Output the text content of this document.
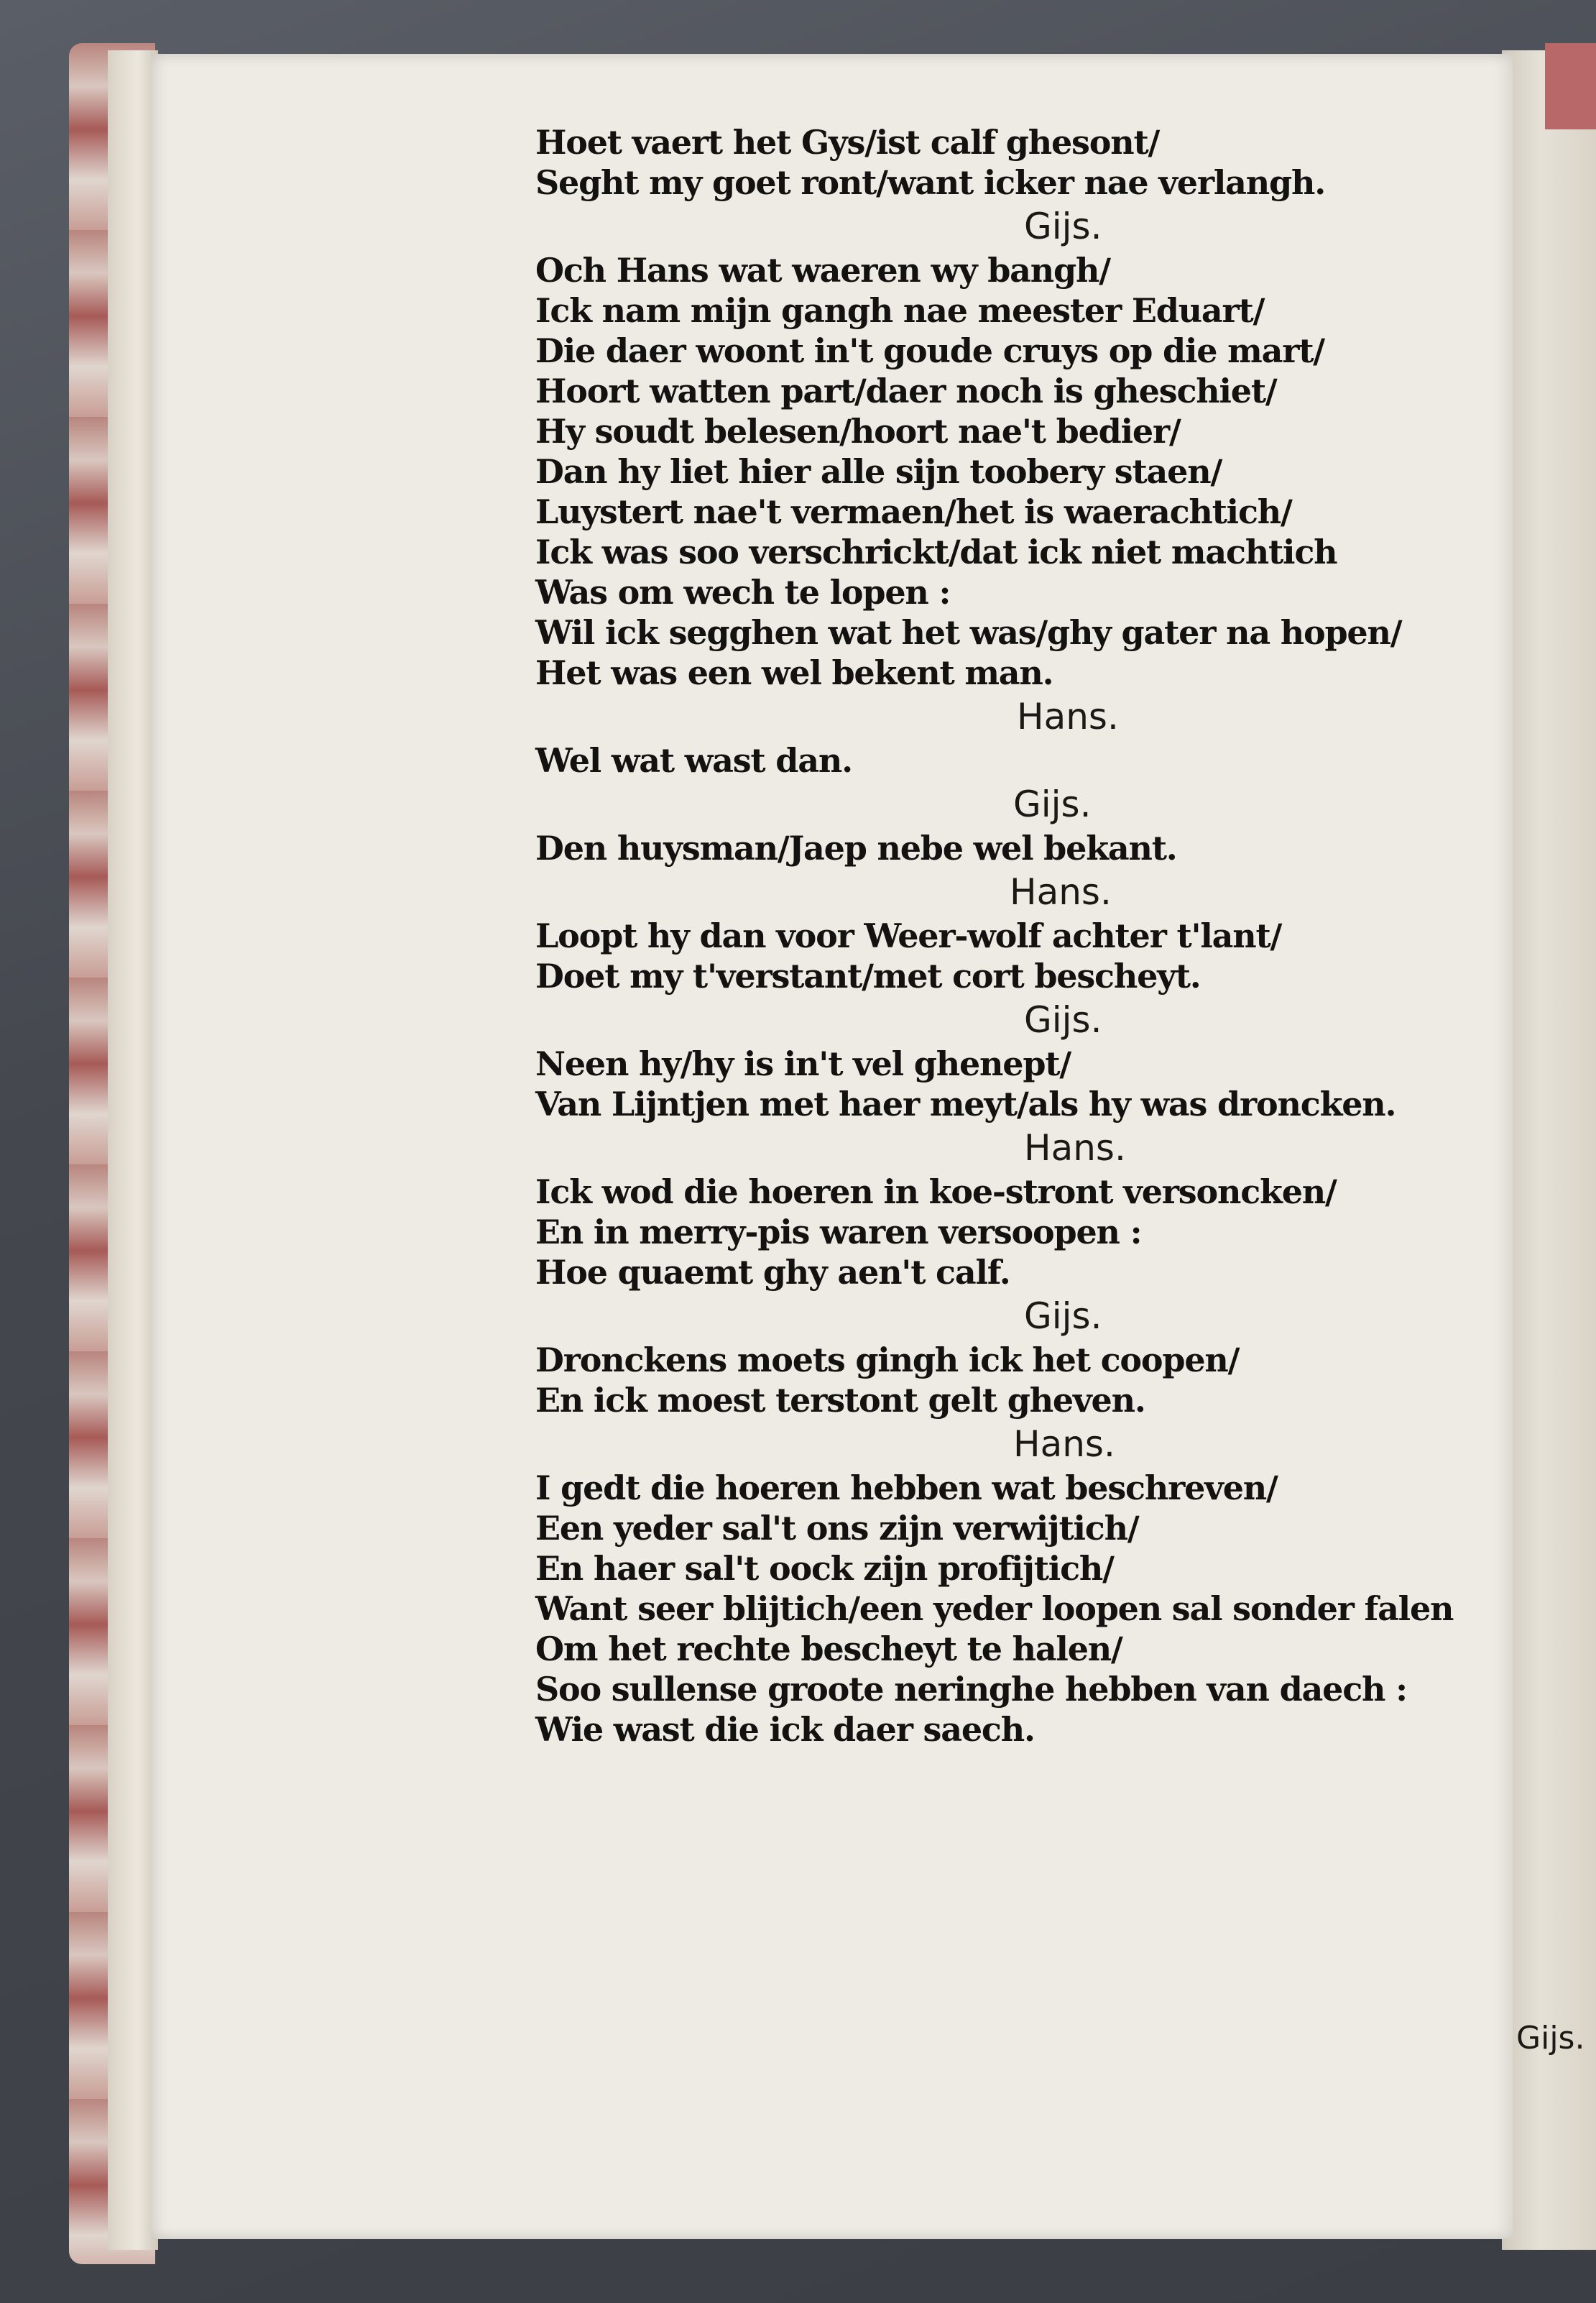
Hoet vaert het Gys/ist calf ghesont/
Seght my goet ront/want icker nae verlangh.
Gijs.
Och Hans wat waeren wy bangh/
Ick nam mijn gangh nae meester Eduart/
Die daer woont in't goude cruys op die mart/
Hoort watten part/daer noch is gheschiet/
Hy soudt belesen/hoort nae't bedier/
Dan hy liet hier alle sijn toobery staen/
Luystert nae't vermaen/het is waerachtich/
Ick was soo verschrickt/dat ick niet machtich
Was om wech te lopen :
Wil ick segghen wat het was/ghy gater na hopen/
Het was een wel bekent man.
Hans.
Wel wat wast dan.
Gijs.
Den huysman/Jaep nebe wel bekant.
Hans.
Loopt hy dan voor Weer-wolf achter t'lant/
Doet my t'verstant/met cort bescheyt.
Gijs.
Neen hy/hy is in't vel ghenept/
Van Lijntjen met haer meyt/als hy was droncken.
Hans.
Ick wod die hoeren in koe-stront versoncken/
En in merry-pis waren versoopen :
Hoe quaemt ghy aen't calf.
Gijs.
Dronckens moets gingh ick het coopen/
En ick moest terstont gelt gheven.
Hans.
I gedt die hoeren hebben wat beschreven/
Een yeder sal't ons zijn verwijtich/
En haer sal't oock zijn profijtich/
Want seer blijtich/een yeder loopen sal sonder falen
Om het rechte bescheyt te halen/
Soo sullense groote neringhe hebben van daech :
Wie wast die ick daer saech.
Gijs.
